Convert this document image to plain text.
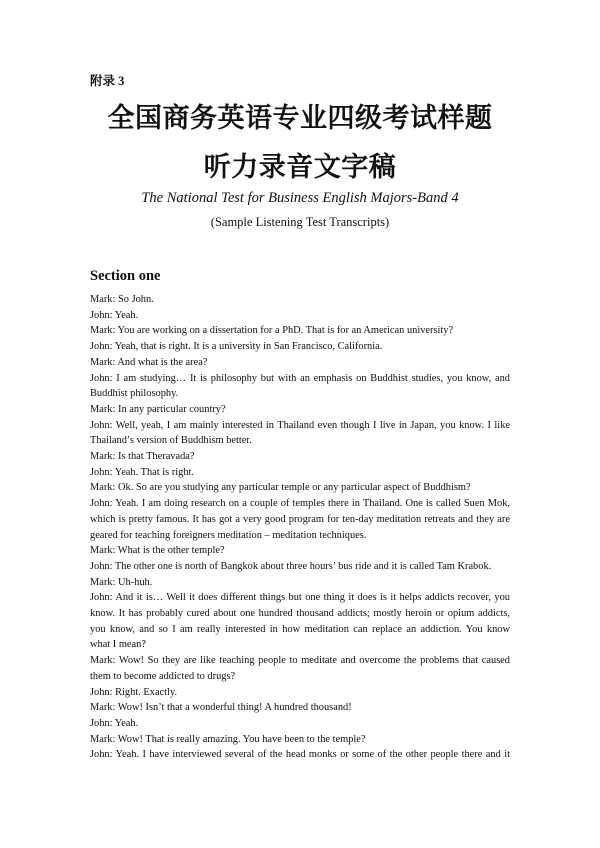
附录 3
全国商务英语专业四级考试样题
听力录音文字稿
The National Test for Business English Majors-Band 4
(Sample Listening Test Transcripts)
Section one

Mark: So John.

John: Yeah.

Mark: You are working on a dissertation for a PhD. That is for an American university?

John: Yeah, that is right. It is a university in San Francisco, California.

Mark: And what is the area?

John: I am studying… It is philosophy but with an emphasis on Buddhist studies, you know, and

Buddhist philosophy.

Mark: In any particular country?

John: Well, yeah, I am mainly interested in Thailand even though I live in Japan, you know. I like

Thailand’s version of Buddhism better.

Mark: Is that Theravada?

John: Yeah. That is right.

Mark: Ok. So are you studying any particular temple or any particular aspect of Buddhism?

John: Yeah. I am doing research on a couple of temples there in Thailand. One is called Suen Mok,

which is pretty famous. It has got a very good program for ten-day meditation retreats and they are

geared for teaching foreigners meditation – meditation techniques.

Mark: What is the other temple?

John: The other one is north of Bangkok about three hours’ bus ride and it is called Tam Krabok.

Mark: Uh-huh.

John: And it is… Well it does different things but one thing it does is it helps addicts recover, you

know. It has probably cured about one hundred thousand addicts; mostly heroin or opium addicts,

you know, and so I am really interested in how meditation can replace an addiction. You know

what I mean?

Mark: Wow! So they are like teaching people to meditate and overcome the problems that caused

them to become addicted to drugs?

John: Right. Exactly.

Mark: Wow! Isn’t that a wonderful thing! A hundred thousand!

John: Yeah.

Mark: Wow! That is really amazing. You have been to the temple?

John: Yeah. I have interviewed several of the head monks or some of the other people there and it
